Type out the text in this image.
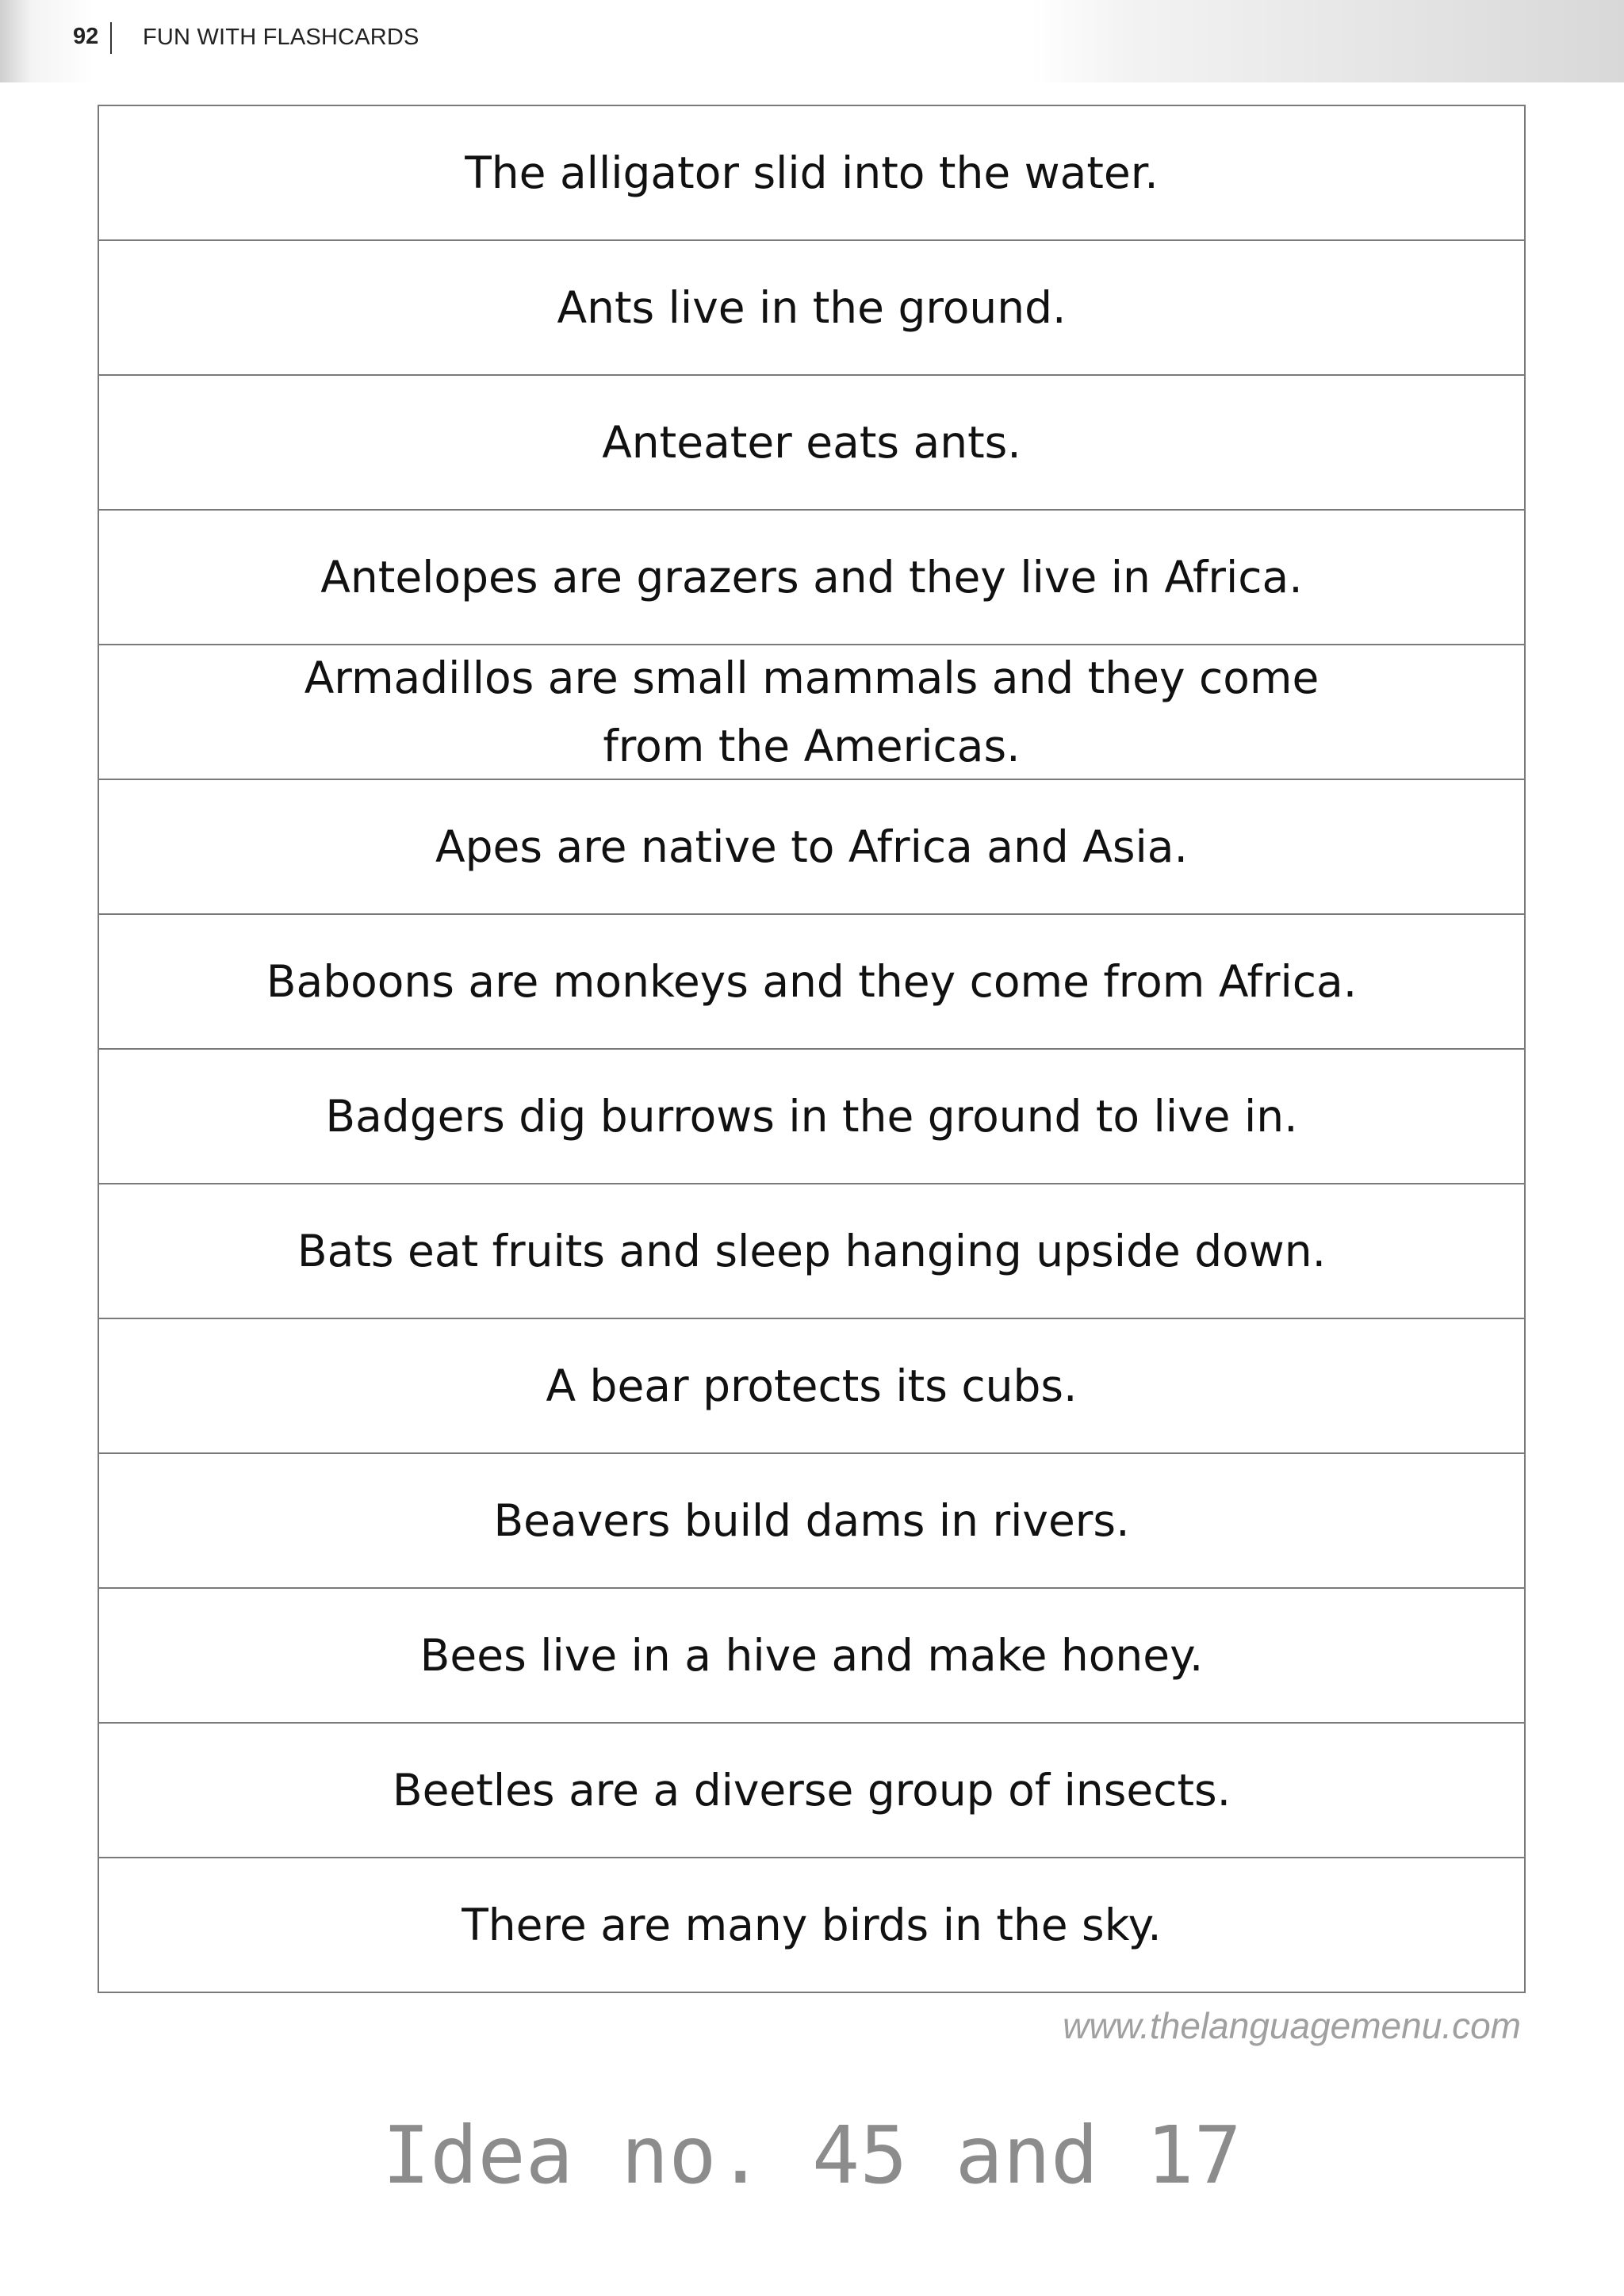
92 FUN WITH FLASHCARDS
The alligator slid into the water.
Ants live in the ground.
Anteater eats ants.
Antelopes are grazers and they live in Africa.
Armadillos are small mammals and they come from the Americas.
Apes are native to Africa and Asia.
Baboons are monkeys and they come from Africa.
Badgers dig burrows in the ground to live in.
Bats eat fruits and sleep hanging upside down.
A bear protects its cubs.
Beavers build dams in rivers.
Bees live in a hive and make honey.
Beetles are a diverse group of insects.
There are many birds in the sky.
www.thelanguagemenu.com
Idea no. 45 and 17
